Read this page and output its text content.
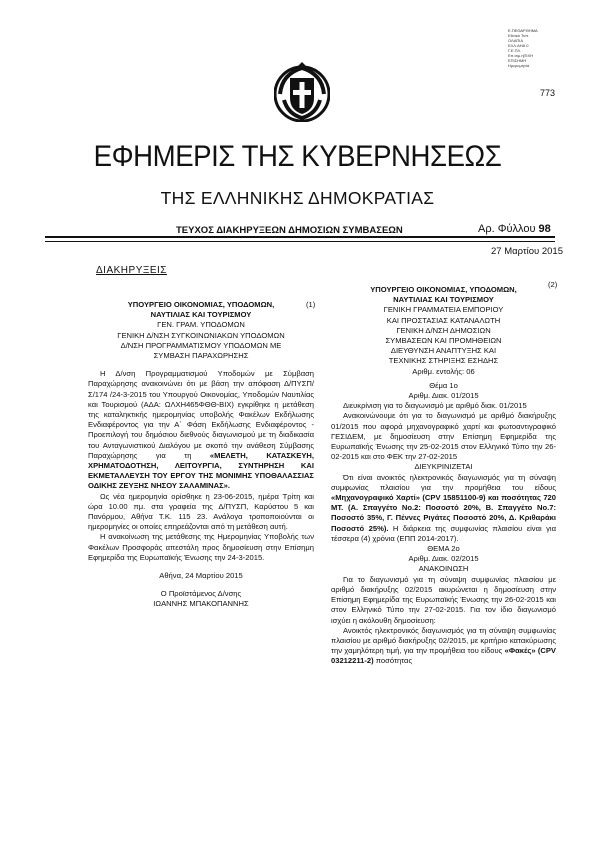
773
Ε.ΠΕΘΑΡΘΗΜΑ
Εθνικό Τυπ.
ΟΛΑΠΙΑ
ΕΛΛ.ΑΗΑ 0
Γ.Ε.ΠΛ.
Επ.σιμ.ηΠΙΧΗ
ΕΠΙΣΗΜΗ Ημερομηνία
ΕΦΗΜΕΡΙΣ ΤΗΣ ΚΥΒΕΡΝΗΣΕΩΣ
ΤΗΣ ΕΛΛΗΝΙΚΗΣ ΔΗΜΟΚΡΑΤΙΑΣ
ΤΕΥΧΟΣ ΔΙΑΚΗΡΥΞΕΩΝ ΔΗΜΟΣΙΩΝ ΣΥΜΒΑΣΕΩΝ	Αρ. Φύλλου 98
27 Μαρτίου 2015
ΔΙΑΚΗΡΥΞΕΙΣ
(1)

ΥΠΟΥΡΓΕΙΟ ΟΙΚΟΝΟΜΙΑΣ, ΥΠΟΔΟΜΩΝ,

ΝΑΥΤΙΛΙΑΣ ΚΑΙ ΤΟΥΡΙΣΜΟΥ

ΓΕΝ. ΓΡΑΜ. ΥΠΟΔΟΜΩΝ

ΓΕΝΙΚΗ Δ/ΝΣΗ ΣΥΓΚΟΙΝΩΝΙΑΚΩΝ ΥΠΟΔΟΜΩΝ

Δ/ΝΣΗ ΠΡΟΓΡΑΜΜΑΤΙΣΜΟΥ ΥΠΟΔΟΜΩΝ ΜΕ

ΣΥΜΒΑΣΗ ΠΑΡΑΧΩΡΗΣΗΣ

Η Δ/νση Προγραμματισμού Υποδομών με Σύμβαση Παραχώρησης ανακοινώνει ότι με βάση την απόφαση Δ/ΠΥΣΠ/Σ/174 /24-3-2015 του Υπουργού Οικονομίας, Υποδομών Ναυτιλίας και Τουρισμού (ΑΔΑ: ΩΛΧΗ465ΦΘΘ-ΒΙΧ) εγκρίθηκε η μετάθεση της καταληκτικής ημερομηνίας υποβολής Φακέλων Εκδήλωσης Ενδιαφέροντος για την Α΄ Φάση Εκδήλωσης Ενδιαφέροντος - Προεπιλογή του δημόσιου διεθνούς διαγωνισμού με τη διαδικασία του Ανταγωνιστικού Διαλόγου με σκοπό την ανάθεση Σύμβασης Παραχώρησης για τη «ΜΕΛΕΤΗ, ΚΑΤΑΣΚΕΥΗ, ΧΡΗΜΑΤΟΔΟΤΗΣΗ, ΛΕΙΤΟΥΡΓΙΑ, ΣΥΝΤΗΡΗΣΗ ΚΑΙ ΕΚΜΕΤΑΛΛΕΥΣΗ ΤΟΥ ΕΡΓΟΥ ΤΗΣ ΜΟΝΙΜΗΣ ΥΠΟΘΑΛΑΣΣΙΑΣ ΟΔΙΚΗΣ ΖΕΥΞΗΣ ΝΗΣΟΥ ΣΑΛΑΜΙΝΑΣ».

Ως νέα ημερομηνία ορίσθηκε η 23-06-2015, ημέρα Τρίτη και ώρα 10.00 πμ. στα γραφεία της Δ/ΠΥΣΠ, Καρύστου 5 και Πανόρμου, Αθήνα Τ.Κ. 115 23. Ανάλογα τροποποιούνται οι ημερομηνίες οι οποίες επηρεάζονται από τη μετάθεση αυτή.

Η ανακοίνωση της μετάθεσης της Ημερομηνίας Υποβολής των Φακέλων Προσφοράς απεστάλη προς δημοσίευση στην Επίσημη Εφημερίδα της Ευρωπαϊκής Ένωσης την 24-3-2015.

Αθήνα, 24 Μαρτίου 2015

Ο Προϊστάμενος Δ/νσης

ΙΩΑΝΝΗΣ ΜΠΑΚΟΠΑΝΝΗΣ

(2)

ΥΠΟΥΡΓΕΙΟ ΟΙΚΟΝΟΜΙΑΣ, ΥΠΟΔΟΜΩΝ,

ΝΑΥΤΙΛΙΑΣ ΚΑΙ ΤΟΥΡΙΣΜΟΥ

ΓΕΝΙΚΗ ΓΡΑΜΜΑΤΕΙΑ ΕΜΠΟΡΙΟΥ

ΚΑΙ ΠΡΟΣΤΑΣΙΑΣ ΚΑΤΑΝΑΛΩΤΗ

ΓΕΝΙΚΗ Δ/ΝΣΗ ΔΗΜΟΣΙΩΝ

ΣΥΜΒΑΣΕΩΝ ΚΑΙ ΠΡΟΜΗΘΕΙΩΝ

ΔΙΕΥΘΥΝΣΗ ΑΝΑΠΤΥΞΗΣ ΚΑΙ

ΤΕΧΝΙΚΗΣ ΣΤΗΡΙΞΗΣ ΕΣΗΔΗΣ

Αριθμ. εντολής: 06

Θέμα 1ο

Αριθμ. Διακ. 01/2015

Διευκρίνιση για το διαγωνισμό με αριθμό διακ. 01/2015

Ανακοινώνουμε ότι για το διαγωνισμό με αριθμό διακήρυξης 01/2015 που αφορά μηχανογραφικό χαρτί και φωτοαντιγραφικό ΓΕΣΙΔΕΜ, με δημοσίευση στην Επίσημη Εφημερίδα της Ευρωπαϊκής Ένωσης την 25-02-2015 στον Ελληνικό Τύπο την 26-02-2015 και στο ΦΕΚ την 27-02-2015

ΔΙΕΥΚΡΙΝΙΖΕΤΑΙ

Ότι είναι ανοικτός ηλεκτρονικός διαγωνισμός για τη σύναψη συμφωνίας πλαισίου για την προμήθεια του είδους «Μηχανογραφικό Χαρτί» (CPV 15851100-9) και ποσότητας 720 ΜΤ. (Α. Σπαγγέτο Νο.2: Ποσοστό 20%, Β. Σπαγγέτο Νο.7: Ποσοστό 35%, Γ. Πέννες Ριγάτες Ποσοστό 20%, Δ. Κριθαράκι Ποσοστό 25%). Η διάρκεια της συμφωνίας πλαισίου είναι για τέσσερα (4) χρόνια (ΕΠΠ 2014-2017).

ΘΕΜΑ 2ο

Αριθμ. Διακ. 02/2015

ΑΝΑΚΟΙΝΩΣΗ

Για το διαγωνισμό για τη σύναψη συμφωνίας πλαισίου με αριθμό διακήρυξης 02/2015 ακυρώνεται η δημοσίευση στην Επίσημη Εφημερίδα της Ευρωπαϊκής Ένωσης την 26-02-2015 και στον Ελληνικό Τύπο την 27-02-2015. Για τον ίδιο διαγωνισμό ισχύει η ακόλουθη δημοσίευση:

Ανοικτός ηλεκτρονικός διαγωνισμός για τη σύναψη συμφωνίας πλαισίου με αριθμό διακήρυξης 02/2015, με κριτήριο κατακύρωσης την χαμηλότερη τιμή, για την προμήθεια του είδους «Φακές» (CPV 03212211-2) ποσότητας
